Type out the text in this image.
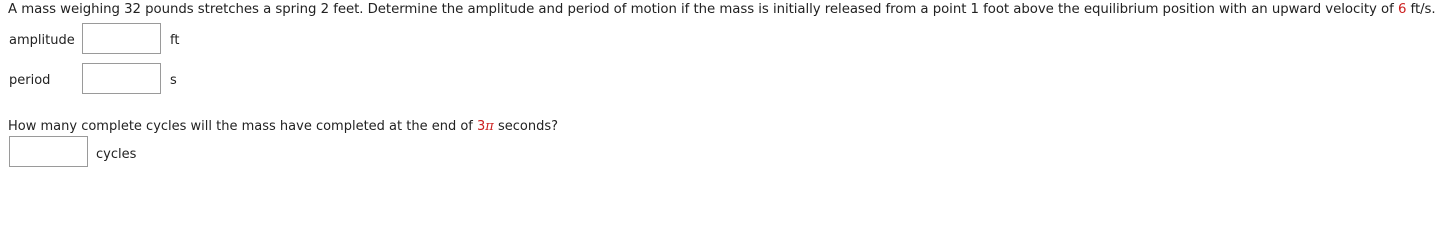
A mass weighing 32 pounds stretches a spring 2 feet. Determine the amplitude and period of motion if the mass is initially released from a point 1 foot above the equilibrium position with an upward velocity of 6 ft/s.
amplitude	ft
period	s
How many complete cycles will the mass have completed at the end of 3π seconds?
cycles
